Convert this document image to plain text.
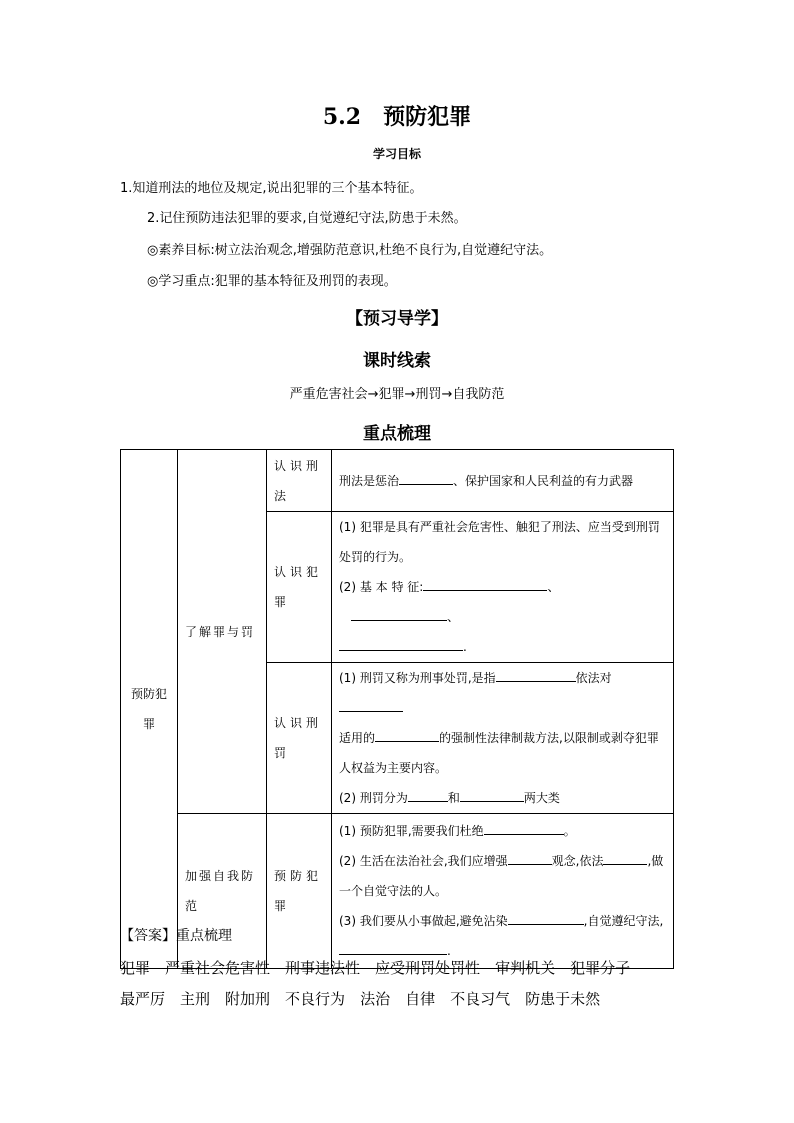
5.2 预防犯罪
学习目标
1.知道刑法的地位及规定,说出犯罪的三个基本特征。
2.记住预防违法犯罪的要求,自觉遵纪守法,防患于未然。
◎素养目标:树立法治观念,增强防范意识,杜绝不良行为,自觉遵纪守法。
◎学习重点:犯罪的基本特征及刑罚的表现。
【预习导学】
课时线索
严重危害社会→犯罪→刑罚→自我防范
重点梳理
预防犯罪	了解罪与罚	认识刑法	刑法是惩治 、保护国家和人民利益的有力武器
		认识犯罪	(1) 犯罪是具有严重社会危害性、触犯了刑法、应当受到刑罚处罚的行为。
(2) 基 本 特 征: 、、
.

		认识刑罚	(1) 刑罚又称为刑事处罚,是指 依法对
适用的 的强制性法律制裁方法,以限制或剥夺犯罪人权益为主要内容。
(2) 刑罚分为 和 两大类

	加强自我防范	预防犯罪	(1) 预防犯罪,需要我们杜绝 。
(2) 生活在法治社会,我们应增强 观念,依法 ,做一个自觉守法的人。
(3) 我们要从小事做起,避免沾染 ,自觉遵纪守法,
.
【答案】重点梳理
犯罪 严重社会危害性 刑事违法性 应受刑罚处罚性 审判机关 犯罪分子
最严厉 主刑 附加刑 不良行为 法治 自律 不良习气 防患于未然
